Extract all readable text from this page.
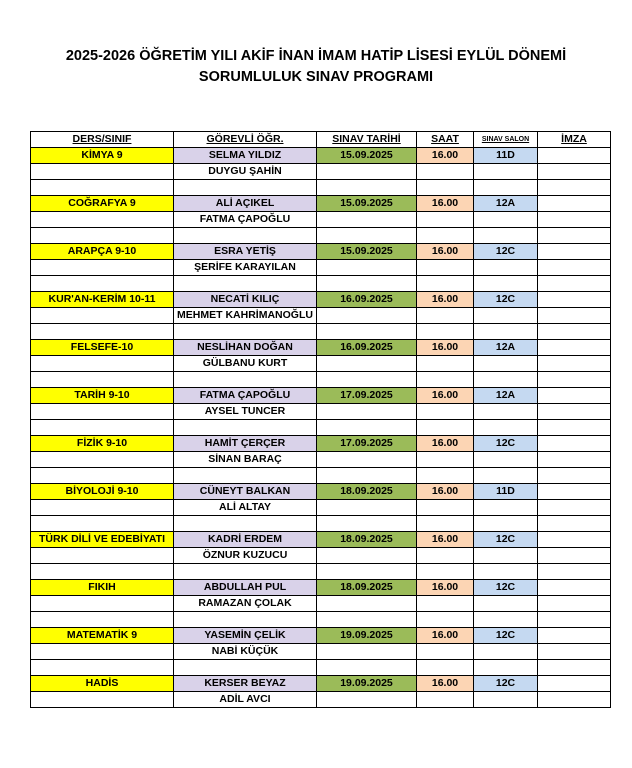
2025-2026 ÖĞRETİM YILI AKİF İNAN İMAM HATİP LİSESİ EYLÜL DÖNEMİ
SORUMLULUK SINAV PROGRAMI
DERS/SINIF	GÖREVLİ ÖĞR.	SINAV TARİHİ	SAAT	SINAV SALON	İMZA
KİMYA 9	SELMA YILDIZ	15.09.2025	16.00	11D	
	DUYGU ŞAHİN				

COĞRAFYA 9	ALİ AÇIKEL	15.09.2025	16.00	12A	
	FATMA ÇAPOĞLU				

ARAPÇA 9-10	ESRA YETİŞ	15.09.2025	16.00	12C	
	ŞERİFE KARAYILAN				

KUR'AN-KERİM 10-11	NECATİ KILIÇ	16.09.2025	16.00	12C	
	MEHMET KAHRİMANOĞLU				

FELSEFE-10	NESLİHAN DOĞAN	16.09.2025	16.00	12A	
	GÜLBANU KURT				

TARİH 9-10	FATMA ÇAPOĞLU	17.09.2025	16.00	12A	
	AYSEL TUNCER				

FİZİK 9-10	HAMİT ÇERÇER	17.09.2025	16.00	12C	
	SİNAN BARAÇ				

BİYOLOJİ 9-10	CÜNEYT BALKAN	18.09.2025	16.00	11D	
	ALİ ALTAY				

TÜRK DİLİ VE EDEBİYATI	KADRİ ERDEM	18.09.2025	16.00	12C	
	ÖZNUR KUZUCU				

FIKIH	ABDULLAH PUL	18.09.2025	16.00	12C	
	RAMAZAN ÇOLAK				

MATEMATİK 9	YASEMİN ÇELİK	19.09.2025	16.00	12C	
	NABİ KÜÇÜK				

HADİS	KERSER BEYAZ	19.09.2025	16.00	12C	
	ADİL AVCI				
